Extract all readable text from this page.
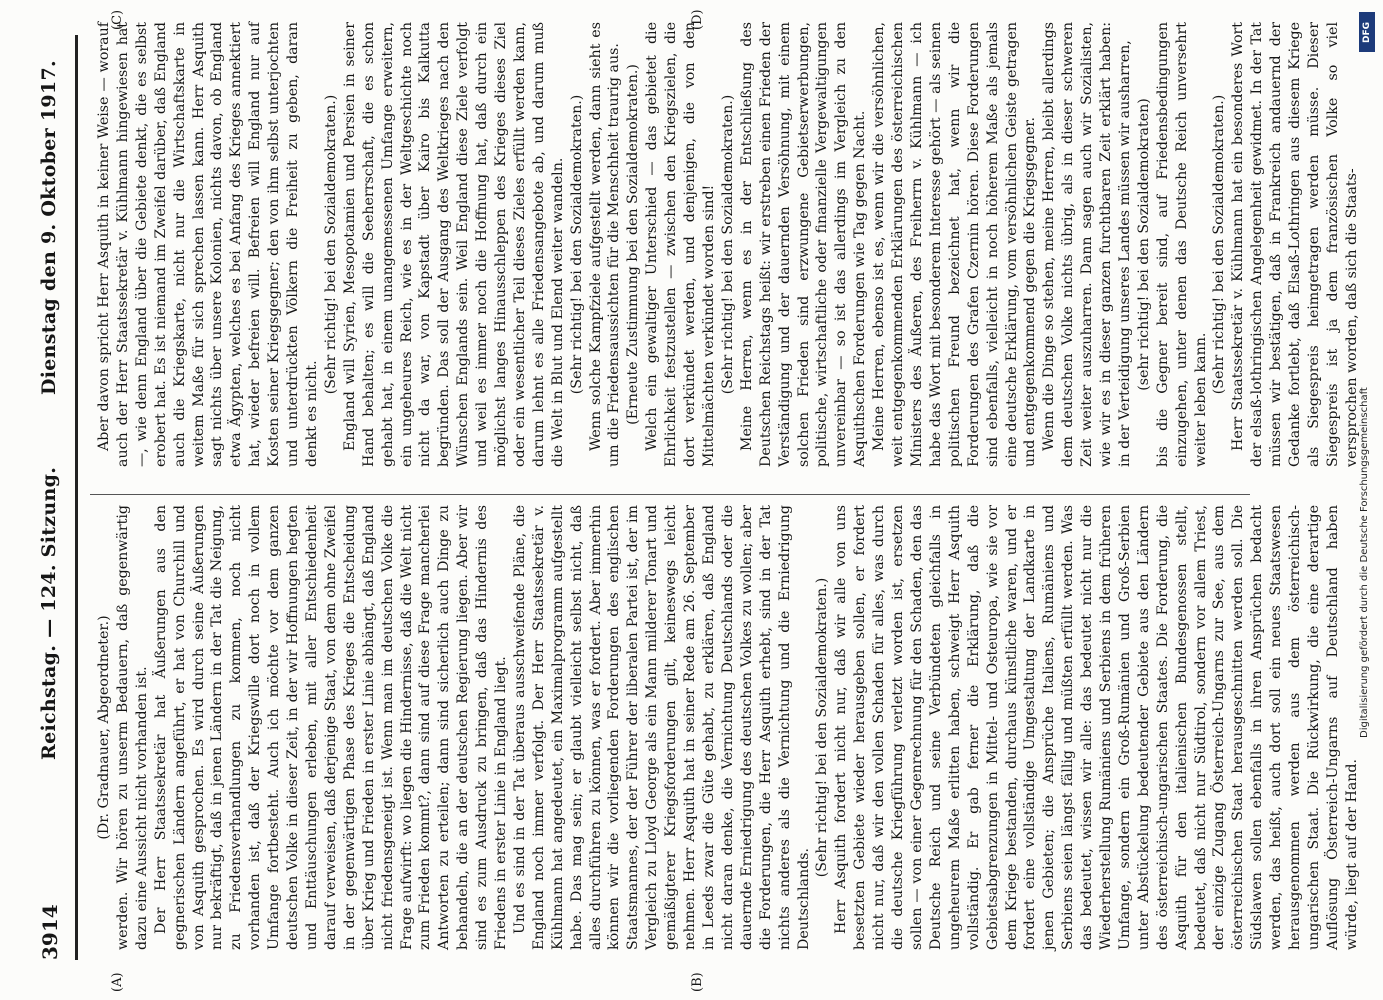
3914
Reichstag. — 124. Sitzung.
Dienstag den 9. Oktober 1917.
(A)	(B)
(C)	(D)

(Dr. Gradnauer, Abgeordneter.) werden. Wir hören zu unserm Bedauern, daß gegenwärtig dazu eine Aussicht nicht vorhanden ist. Der Herr Staatssekretär hat Äußerungen aus den gegnerischen Ländern angeführt, er hat von Churchill und von Asquith gesprochen. Es wird durch seine Äußerungen nur bekräftigt, daß in jenen Ländern in der Tat die Neigung, zu Friedensverhandlungen zu kommen, noch nicht vorhanden ist, daß der Kriegswille dort noch in vollem Umfange fortbesteht. Auch ich möchte vor dem ganzen deutschen Volke in dieser Zeit, in der wir Hoffnungen hegten und Enttäuschungen erleben, mit aller Entschiedenheit darauf verweisen, daß derjenige Staat, von dem ohne Zweifel in der gegenwärtigen Phase des Krieges die Entscheidung über Krieg und Frieden in erster Linie abhängt, daß England nicht friedensgeneigt ist. Wenn man im deutschen Volke die Frage aufwirft: wo liegen die Hindernisse, daß die Welt nicht zum Frieden kommt?, dann sind auf diese Frage mancherlei Antworten zu erteilen; dann sind sicherlich auch Dinge zu behandeln, die an der deutschen Regierung liegen. Aber wir sind es zum Ausdruck zu bringen, daß das Hindernis des Friedens in erster Linie in England liegt. Und es sind in der Tat überaus ausschweifende Pläne, die England noch immer verfolgt. Der Herr Staatssekretär v. Kühlmann hat angedeutet, ein Maximalprogramm aufgestellt habe. Das mag sein; er glaubt vielleicht selbst nicht, daß alles durchführen zu können, was er fordert. Aber immerhin können wir die vorliegenden Forderungen des englischen Staatsmannes, der der Führer der liberalen Partei ist, der im Vergleich zu Lloyd George als ein Mann milderer Tonart und gemäßigterer Kriegsforderungen gilt, keineswegs leicht nehmen. Herr Asquith hat in seiner Rede am 26. September in Leeds zwar die Güte gehabt, zu erklären, daß England nicht daran denke, die Vernichtung Deutschlands oder die dauernde Erniedrigung des deutschen Volkes zu wollen; aber die Forderungen, die Herr Asquith erhebt, sind in der Tat nichts anderes als die Vernichtung und die Erniedrigung Deutschlands.

(Sehr richtig! bei den Sozialdemokraten.) Herr Asquith fordert nicht nur, daß wir alle von uns besetzten Gebiete wieder herausgeben sollen, er fordert nicht nur, daß wir den vollen Schaden für alles, was durch die deutsche Kriegführung verletzt worden ist, ersetzen sollen — von einer Gegenrechnung für den Schaden, den das Deutsche Reich und seine Verbündeten gleichfalls in ungeheurem Maße erlitten haben, schweigt Herr Asquith vollständig. Er gab ferner die Erklärung, daß die Gebietsabgrenzungen in Mittel- und Osteuropa, wie sie vor dem Kriege bestanden, durchaus künstliche waren, und er fordert eine vollständige Umgestaltung der Landkarte in jenen Gebieten; die Ansprüche Italiens, Rumäniens und Serbiens seien längst fällig und müßten erfüllt werden. Was das bedeutet, wissen wir alle: das bedeutet nicht nur die Wiederherstellung Rumäniens und Serbiens in dem früheren Umfange, sondern ein Groß-Rumänien und Groß-Serbien unter Abstückelung bedeutender Gebiete aus den Ländern des österreichisch-ungarischen Staates. Die Forderung, die Asquith für den italienischen Bundesgenossen stellt, bedeutet, daß nicht nur Südtirol, sondern vor allem Triest, der einzige Zugang Österreich-Ungarns zur See, aus dem österreichischen Staat herausgeschnitten werden soll. Die Südslawen sollen ebenfalls in ihren Ansprüchen bedacht werden, das heißt, auch dort soll ein neues Staatswesen herausgenommen werden aus dem österreichisch-ungarischen Staat. Die Rückwirkung, die eine derartige Auflösung Österreich-Ungarns auf Deutschland haben würde, liegt auf der Hand.

Aber davon spricht Herr Asquith in keiner Weise — worauf auch der Herr Staatssekretär v. Kühlmann hingewiesen hat —, wie denn England über die Gebiete denkt, die es selbst erobert hat. Es ist niemand im Zweifel darüber, daß England auch die Kriegskarte, nicht nur die Wirtschaftskarte in weitem Maße für sich sprechen lassen kann. Herr Asquith sagt nichts über unsere Kolonien, nichts davon, ob England etwa Ägypten, welches es bei Anfang des Krieges annektiert hat, wieder befreien will. Befreien will England nur auf Kosten seiner Kriegsgegner; den von ihm selbst unterjochten und unterdrückten Völkern die Freiheit zu geben, daran denkt es nicht.

(Sehr richtig! bei den Sozialdemokraten.) England will Syrien, Mesopotamien und Persien in seiner Hand behalten; es will die Seeherrschaft, die es schon gehabt hat, in einem unangemessenen Umfange erweitern, ein ungeheures Reich, wie es in der Weltgeschichte noch nicht da war, von Kapstadt über Kairo bis Kalkutta begründen. Das soll der Ausgang des Weltkrieges nach den Wünschen Englands sein. Weil England diese Ziele verfolgt und weil es immer noch die Hoffnung hat, daß durch ein möglichst langes Hinausschleppen des Krieges dieses Ziel oder ein wesentlicher Teil dieses Zieles erfüllt werden kann, darum lehnt es alle Friedensangebote ab, und darum muß die Welt in Blut und Elend weiter wandeln. (Sehr richtig! bei den Sozialdemokraten.) Wenn solche Kampfziele aufgestellt werden, dann sieht es um die Friedensaussichten für die Menschheit traurig aus. (Erneute Zustimmung bei den Sozialdemokraten.) Welch ein gewaltiger Unterschied — das gebietet die Ehrlichkeit festzustellen — zwischen den Kriegszielen, die dort verkündet werden, und denjenigen, die von den Mittelmächten verkündet worden sind! (Sehr richtig! bei den Sozialdemokraten.) Meine Herren, wenn es in der Entschließung des Deutschen Reichstags heißt: wir erstreben einen Frieden der Verständigung und der dauernden Versöhnung, mit einem solchen Frieden sind erzwungene Gebietserwerbungen, politische, wirtschaftliche oder finanzielle Vergewaltigungen unvereinbar — so ist das allerdings im Vergleich zu den Asquithschen Forderungen wie Tag gegen Nacht. Meine Herren, ebenso ist es, wenn wir die versöhnlichen, weit entgegenkommenden Erklärungen des österreichischen Ministers des Äußeren, des Freiherrn v. Kühlmann — ich habe das Wort mit besonderem Interesse gehört — als seinen politischen Freund bezeichnet hat, wenn wir die Forderungen des Grafen Czernin hören. Diese Forderungen sind ebenfalls, vielleicht in noch höherem Maße als jemals eine deutsche Erklärung, vom versöhnlichen Geiste getragen und entgegenkommend gegen die Kriegsgegner. Wenn die Dinge so stehen, meine Herren, bleibt allerdings dem deutschen Volke nichts übrig, als in dieser schweren Zeit weiter auszuharren. Dann sagen auch wir Sozialisten, wie wir es in dieser ganzen furchtbaren Zeit erklärt haben: in der Verteidigung unseres Landes müssen wir ausharren, (sehr richtig! bei den Sozialdemokraten) bis die Gegner bereit sind, auf Friedensbedingungen einzugehen, unter denen das Deutsche Reich unversehrt weiter leben kann.

(Sehr richtig! bei den Sozialdemokraten.) Herr Staatssekretär v. Kühlmann hat ein besonderes Wort der elsaß-lothringischen Angelegenheit gewidmet. In der Tat müssen wir bestätigen, daß in Frankreich andauernd der Gedanke fortlebt, daß Elsaß-Lothringen aus diesem Kriege als Siegespreis heimgetragen werden müsse. Dieser Siegespreis ist ja dem französischen Volke so viel versprochen worden, daß sich die Staats-

DFG
Digitalisierung gefördert durch die Deutsche Forschungsgemeinschaft
